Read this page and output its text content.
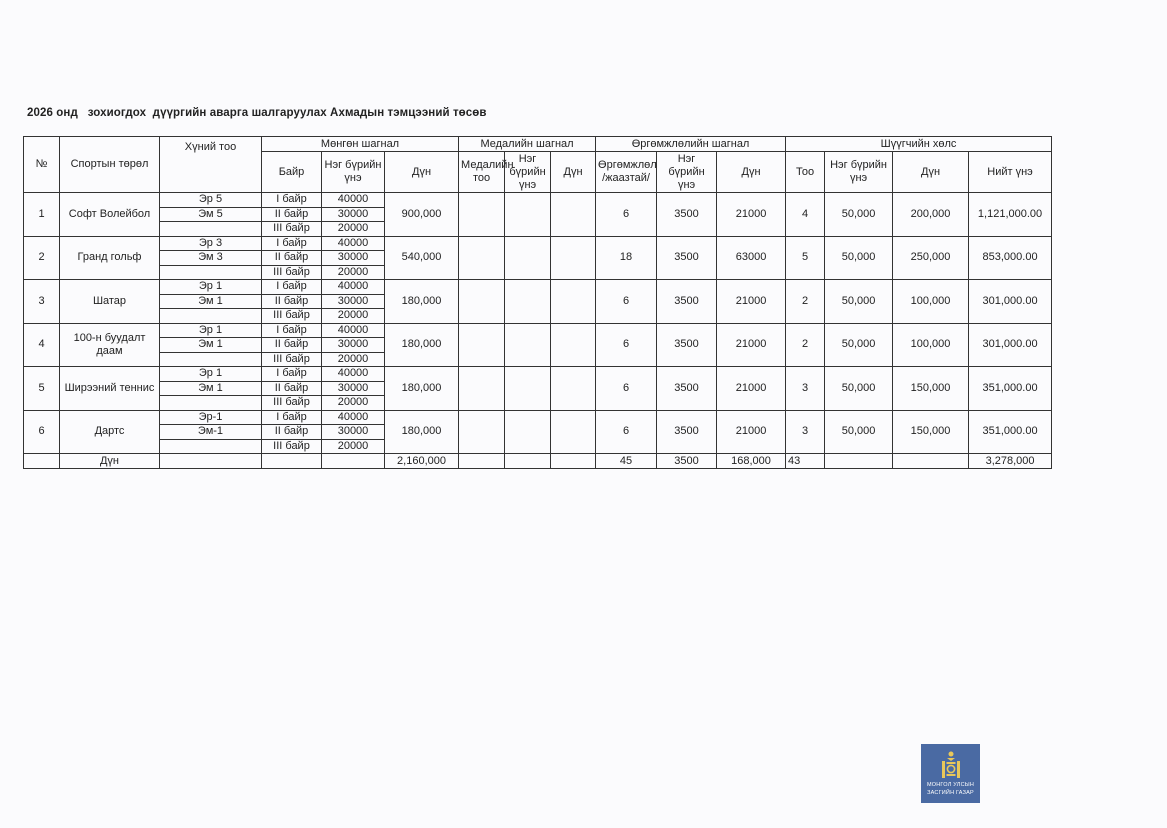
2026 онд   зохиогдох  дүүргийн аварга шалгаруулах Ахмадын тэмцээний төсөв
№	Спортын төрөл	Хүний тоо	Мөнгөн шагнал			Медалийн шагнал			Өргөмжлөлийн шагнал			Шүүгчийн хөлс			
			Байр	Нэг бүрийн үнэ	Дүн	Медалийн тоо	Нэг бүрийн үнэ	Дүн	Өргөмжлөл /жаазтай/	Нэг бүрийн үнэ	Дүн	Тоо	Нэг бүрийн үнэ	Дүн	Нийт үнэ
1	Софт Волейбол	Эр 5	I байр	40000	900,000				6	3500	21000	4	50,000	200,000	1,121,000.00
		Эм 5	II байр	30000											
			III байр	20000											
2	Гранд гольф	Эр 3	I байр	40000	540,000				18	3500	63000	5	50,000	250,000	853,000.00
		Эм 3	II байр	30000											
			III байр	20000											
3	Шатар	Эр 1	I байр	40000	180,000				6	3500	21000	2	50,000	100,000	301,000.00
		Эм 1	II байр	30000											
			III байр	20000											
4	100-н буудалт даам	Эр 1	I байр	40000	180,000				6	3500	21000	2	50,000	100,000	301,000.00
		Эм 1	II байр	30000											
			III байр	20000											
5	Ширээний теннис	Эр 1	I байр	40000	180,000				6	3500	21000	3	50,000	150,000	351,000.00
		Эм 1	II байр	30000											
			III байр	20000											
6	Дартс	Эр-1	I байр	40000	180,000				6	3500	21000	3	50,000	150,000	351,000.00
		Эм-1	II байр	30000											
			III байр	20000											
	Дүн				2,160,000				45	3500	168,000	43			3,278,000
МОНГОЛ УЛСЫН
ЗАСГИЙН ГАЗАР
